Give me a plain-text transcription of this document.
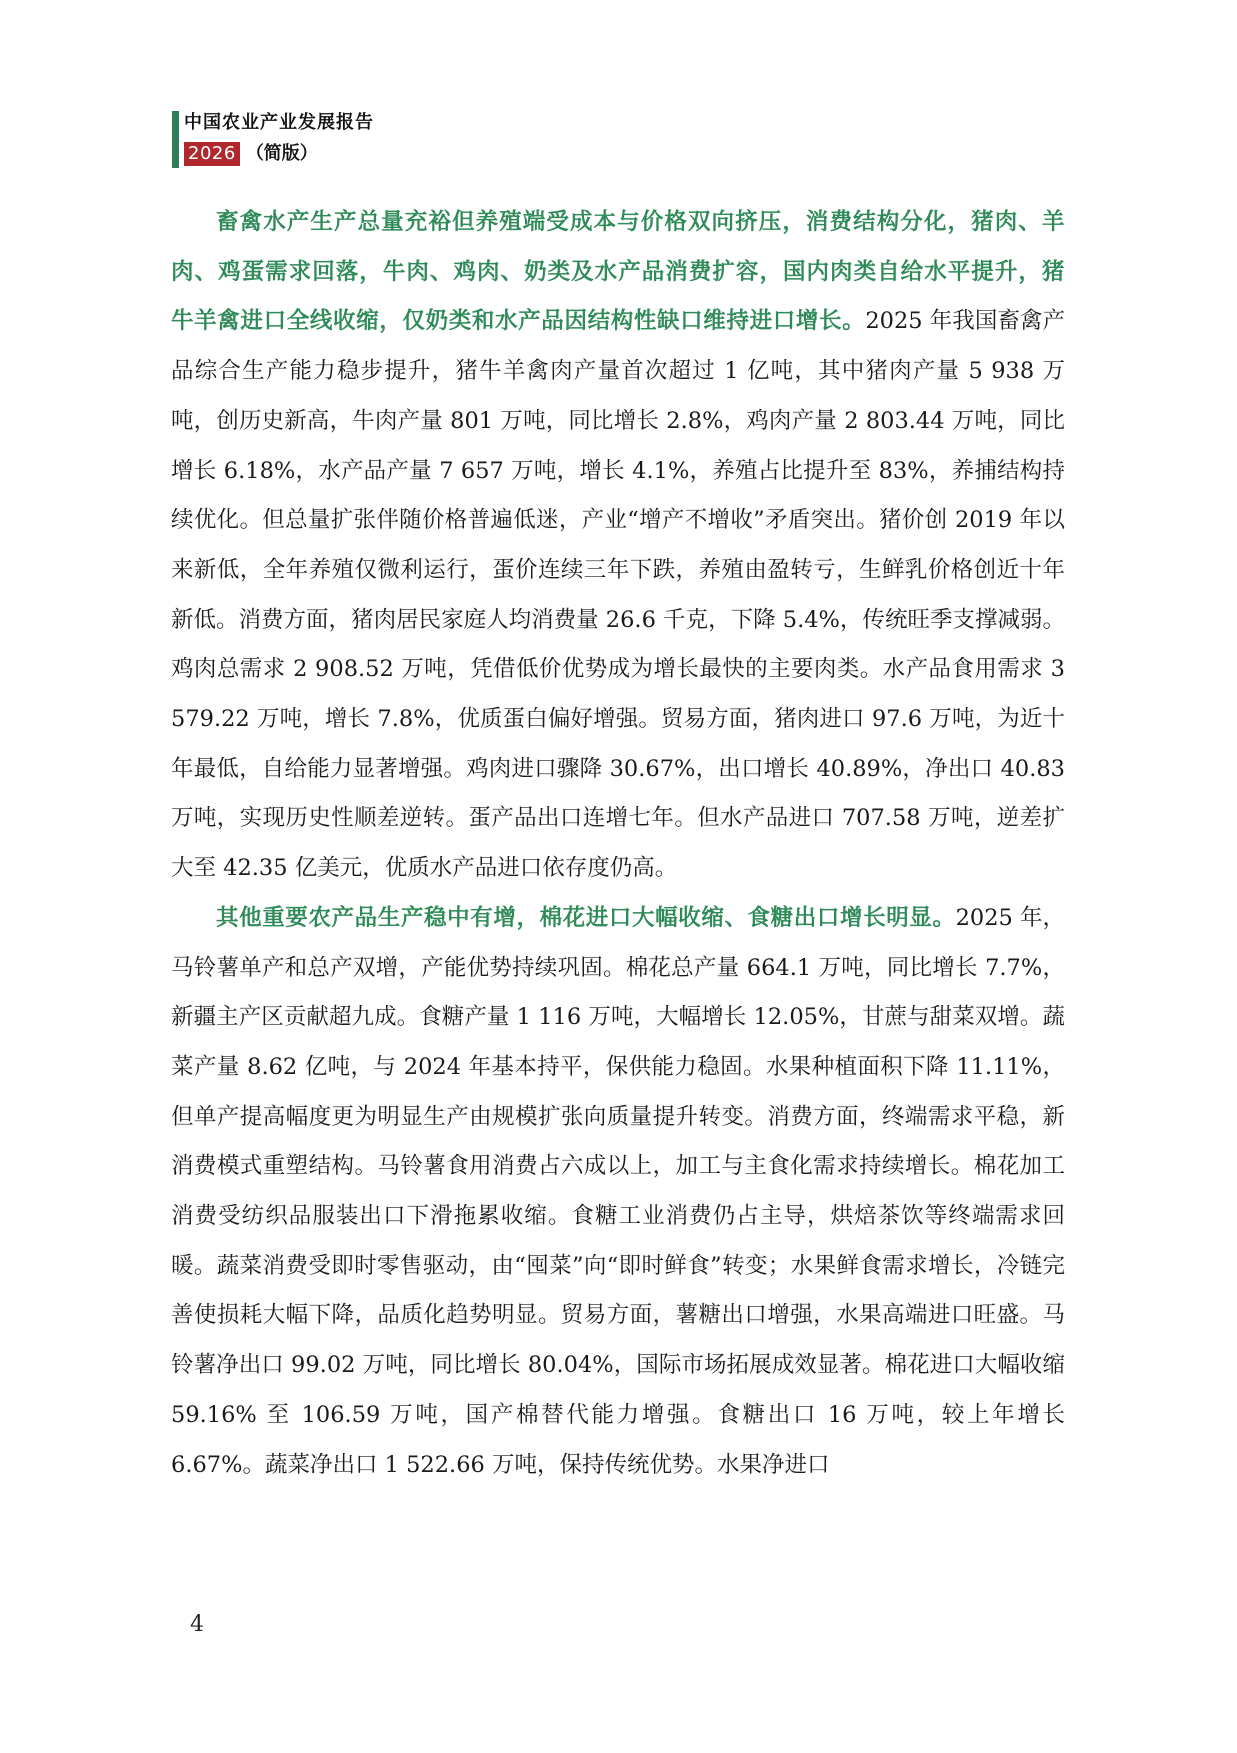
中国农业产业发展报告
2026 （简版）

畜禽水产生产总量充裕但养殖端受成本与价格双向挤压，消费结构分化，猪肉、羊肉、鸡蛋需求回落，牛肉、鸡肉、奶类及水产品消费扩容，国内肉类自给水平提升，猪牛羊禽进口全线收缩，仅奶类和水产品因结构性缺口维持进口增长。2025 年我国畜禽产品综合生产能力稳步提升，猪牛羊禽肉产量首次超过 1 亿吨，其中猪肉产量 5 938 万吨，创历史新高，牛肉产量 801 万吨，同比增长 2.8%，鸡肉产量 2 803.44 万吨，同比增长 6.18%，水产品产量 7 657 万吨，增长 4.1%，养殖占比提升至 83%，养捕结构持续优化。但总量扩张伴随价格普遍低迷，产业“增产不增收”矛盾突出。猪价创 2019 年以来新低，全年养殖仅微利运行，蛋价连续三年下跌，养殖由盈转亏，生鲜乳价格创近十年新低。消费方面，猪肉居民家庭人均消费量 26.6 千克，下降 5.4%，传统旺季支撑减弱。鸡肉总需求 2 908.52 万吨，凭借低价优势成为增长最快的主要肉类。水产品食用需求 3 579.22 万吨，增长 7.8%，优质蛋白偏好增强。贸易方面，猪肉进口 97.6 万吨，为近十年最低，自给能力显著增强。鸡肉进口骤降 30.67%，出口增长 40.89%，净出口 40.83 万吨，实现历史性顺差逆转。蛋产品出口连增七年。但水产品进口 707.58 万吨，逆差扩大至 42.35 亿美元，优质水产品进口依存度仍高。

其他重要农产品生产稳中有增，棉花进口大幅收缩、食糖出口增长明显。2025 年，马铃薯单产和总产双增，产能优势持续巩固。棉花总产量 664.1 万吨，同比增长 7.7%，新疆主产区贡献超九成。食糖产量 1 116 万吨，大幅增长 12.05%，甘蔗与甜菜双增。蔬菜产量 8.62 亿吨，与 2024 年基本持平，保供能力稳固。水果种植面积下降 11.11%，但单产提高幅度更为明显生产由规模扩张向质量提升转变。消费方面，终端需求平稳，新消费模式重塑结构。马铃薯食用消费占六成以上，加工与主食化需求持续增长。棉花加工消费受纺织品服装出口下滑拖累收缩。食糖工业消费仍占主导，烘焙茶饮等终端需求回暖。蔬菜消费受即时零售驱动，由“囤菜”向“即时鲜食”转变；水果鲜食需求增长，冷链完善使损耗大幅下降，品质化趋势明显。贸易方面，薯糖出口增强，水果高端进口旺盛。马铃薯净出口 99.02 万吨，同比增长 80.04%，国际市场拓展成效显著。棉花进口大幅收缩 59.16% 至 106.59 万吨，国产棉替代能力增强。食糖出口 16 万吨，较上年增长 6.67%。蔬菜净出口 1 522.66 万吨，保持传统优势。水果净进口

4
